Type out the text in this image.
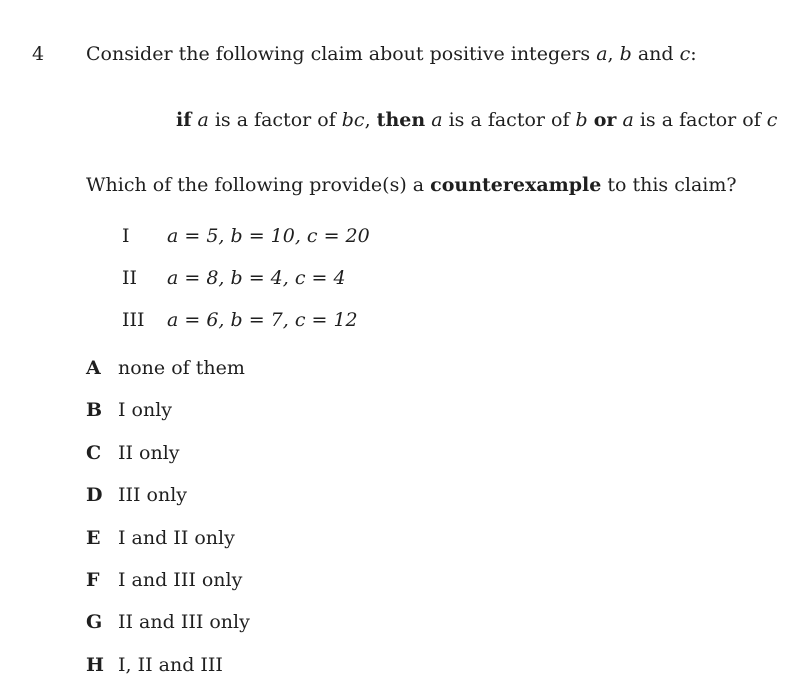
4 Consider the following claim about positive integers a, b and c:
if a is a factor of bc, then a is a factor of b or a is a factor of c
Which of the following provide(s) a counterexample to this claim?
I a = 5, b = 10, c = 20
II a = 8, b = 4, c = 4
III a = 6, b = 7, c = 12
A none of them
B I only
C II only
D III only
E I and II only
F I and III only
G II and III only
H I, II and III
